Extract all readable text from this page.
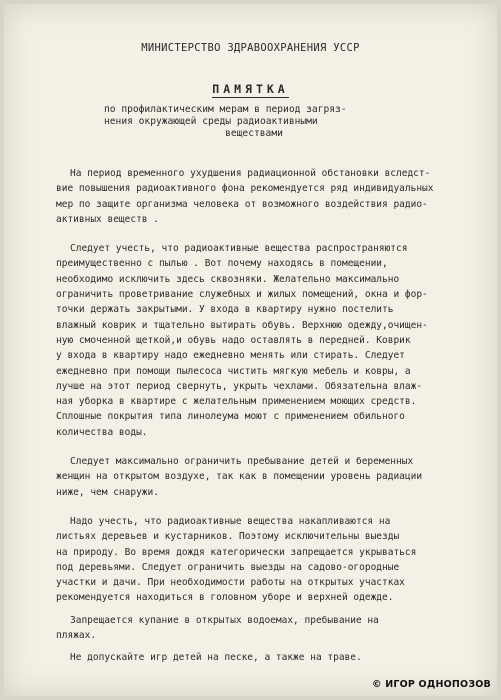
МИНИСТЕРСТВО ЗДРАВООХРАНЕНИЯ УССР
ПАМЯТКА
по профилактическим мерам в период загряз-
нения окружающей среды радиоактивными
веществами
На период временного ухудшения радиационной обстановки вследст-
вие повышения радиоактивного фона рекомендуется ряд индивидуальных
мер по защите организма человека от возможного воздействия радио-
активных веществ .
Следует учесть, что радиоактивные вещества распространяются
преимущественно с пылью . Вот почему находясь в помещении,
необходимо исключить здесь сквозняки. Желательно максимально
ограничить проветривание служебных и жилых помещений, окна и фор-
точки держать закрытыми. У входа в квартиру нужно постелить
влажный коврик и тщательно вытирать обувь. Верхнюю одежду,очищен-
ную смоченной щеткой,и обувь надо оставлять в передней. Коврик
у входа в квартиру надо ежедневно менять или стирать. Следует
ежедневно при помощи пылесоса чистить мягкую мебель и ковры, а
лучше на этот период свернуть, укрыть чехлами. Обязательна влаж-
ная уборка в квартире с желательным применением моющих средств.
Сплошные покрытия типа линолеума моют с применением обильного
количества воды.
Следует максимально ограничить пребывание детей и беременных
женщин на открытом воздухе, так как в помещении уровень радиации
ниже, чем снаружи.
Надо учесть, что радиоактивные вещества накапливаются на
листьях деревьев и кустарников. Поэтому исключительны выезды
на природу. Во время дождя категорически запрещается укрываться
под деревьями. Следует ограничить выезды на садово-огородные
участки и дачи. При необходимости работы на открытых участках
рекомендуется находиться в головном уборе и верхней одежде.
Запрещается купание в открытых водоемах, пребывание на
пляжах.
Не допускайте игр детей на песке, а также на траве.
© ИГОР ОДНОПОЗОВ
